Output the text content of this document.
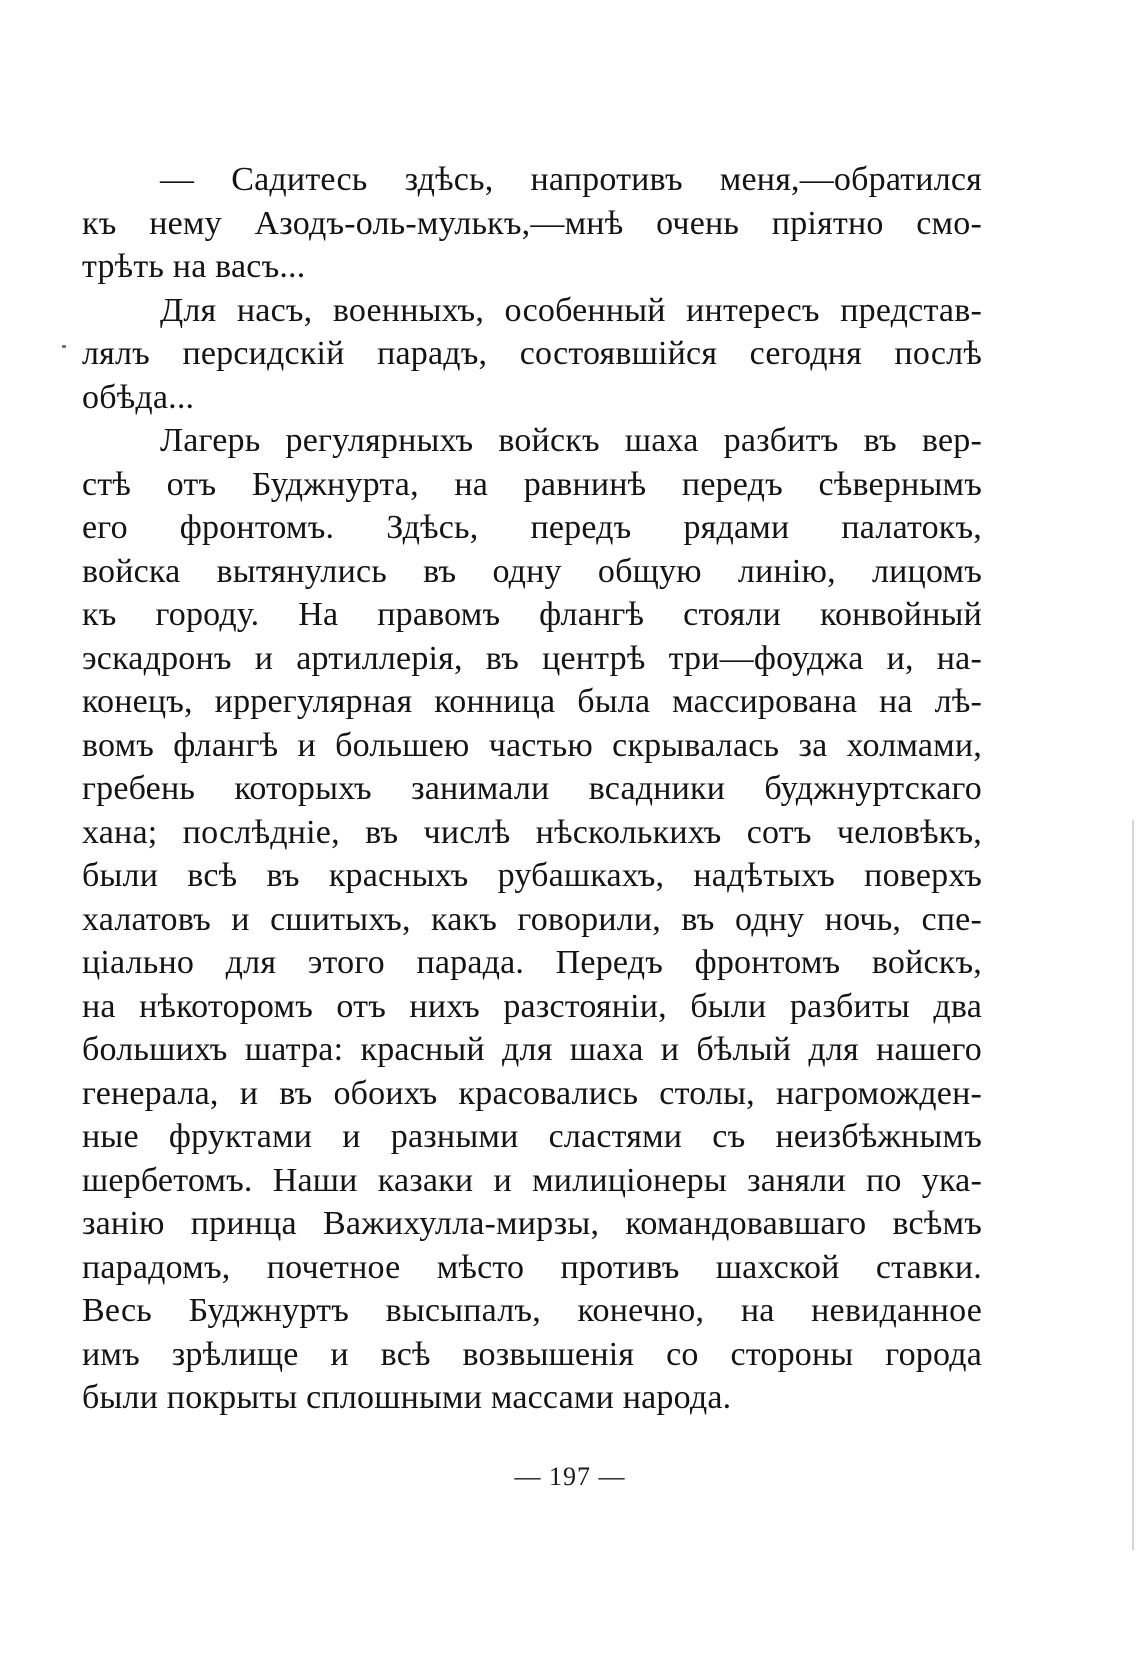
— Садитесь здѣсь, напротивъ меня,—обратился
къ нему Азодъ-оль-мулькъ,—мнѣ очень пріятно смо-
трѣть на васъ...
Для насъ, военныхъ, особенный интересъ представ-
лялъ персидскій парадъ, состоявшійся сегодня послѣ
обѣда...
Лагерь регулярныхъ войскъ шаха разбитъ въ вер-
стѣ отъ Буджнурта, на равнинѣ передъ сѣвернымъ
его фронтомъ. Здѣсь, передъ рядами палатокъ,
войска вытянулись въ одну общую линію, лицомъ
къ городу. На правомъ флангѣ стояли конвойный
эскадронъ и артиллерія, въ центрѣ три—фоуджа и, на-
конецъ, иррегулярная конница была массирована на лѣ-
вомъ флангѣ и большею частью скрывалась за холмами,
гребень которыхъ занимали всадники буджнуртскаго
хана; послѣдніе, въ числѣ нѣсколькихъ сотъ человѣкъ,
были всѣ въ красныхъ рубашкахъ, надѣтыхъ поверхъ
халатовъ и сшитыхъ, какъ говорили, въ одну ночь, спе-
ціально для этого парада. Передъ фронтомъ войскъ,
на нѣкоторомъ отъ нихъ разстояніи, были разбиты два
большихъ шатра: красный для шаха и бѣлый для нашего
генерала, и въ обоихъ красовались столы, нагроможден-
ные фруктами и разными сластями съ неизбѣжнымъ
шербетомъ. Наши казаки и милиціонеры заняли по ука-
занію принца Важихулла-мирзы, командовавшаго всѣмъ
парадомъ, почетное мѣсто противъ шахской ставки.
Весь Буджнуртъ высыпалъ, конечно, на невиданное
имъ зрѣлище и всѣ возвышенія со стороны города
были покрыты сплошными массами народа.
— 197 —
